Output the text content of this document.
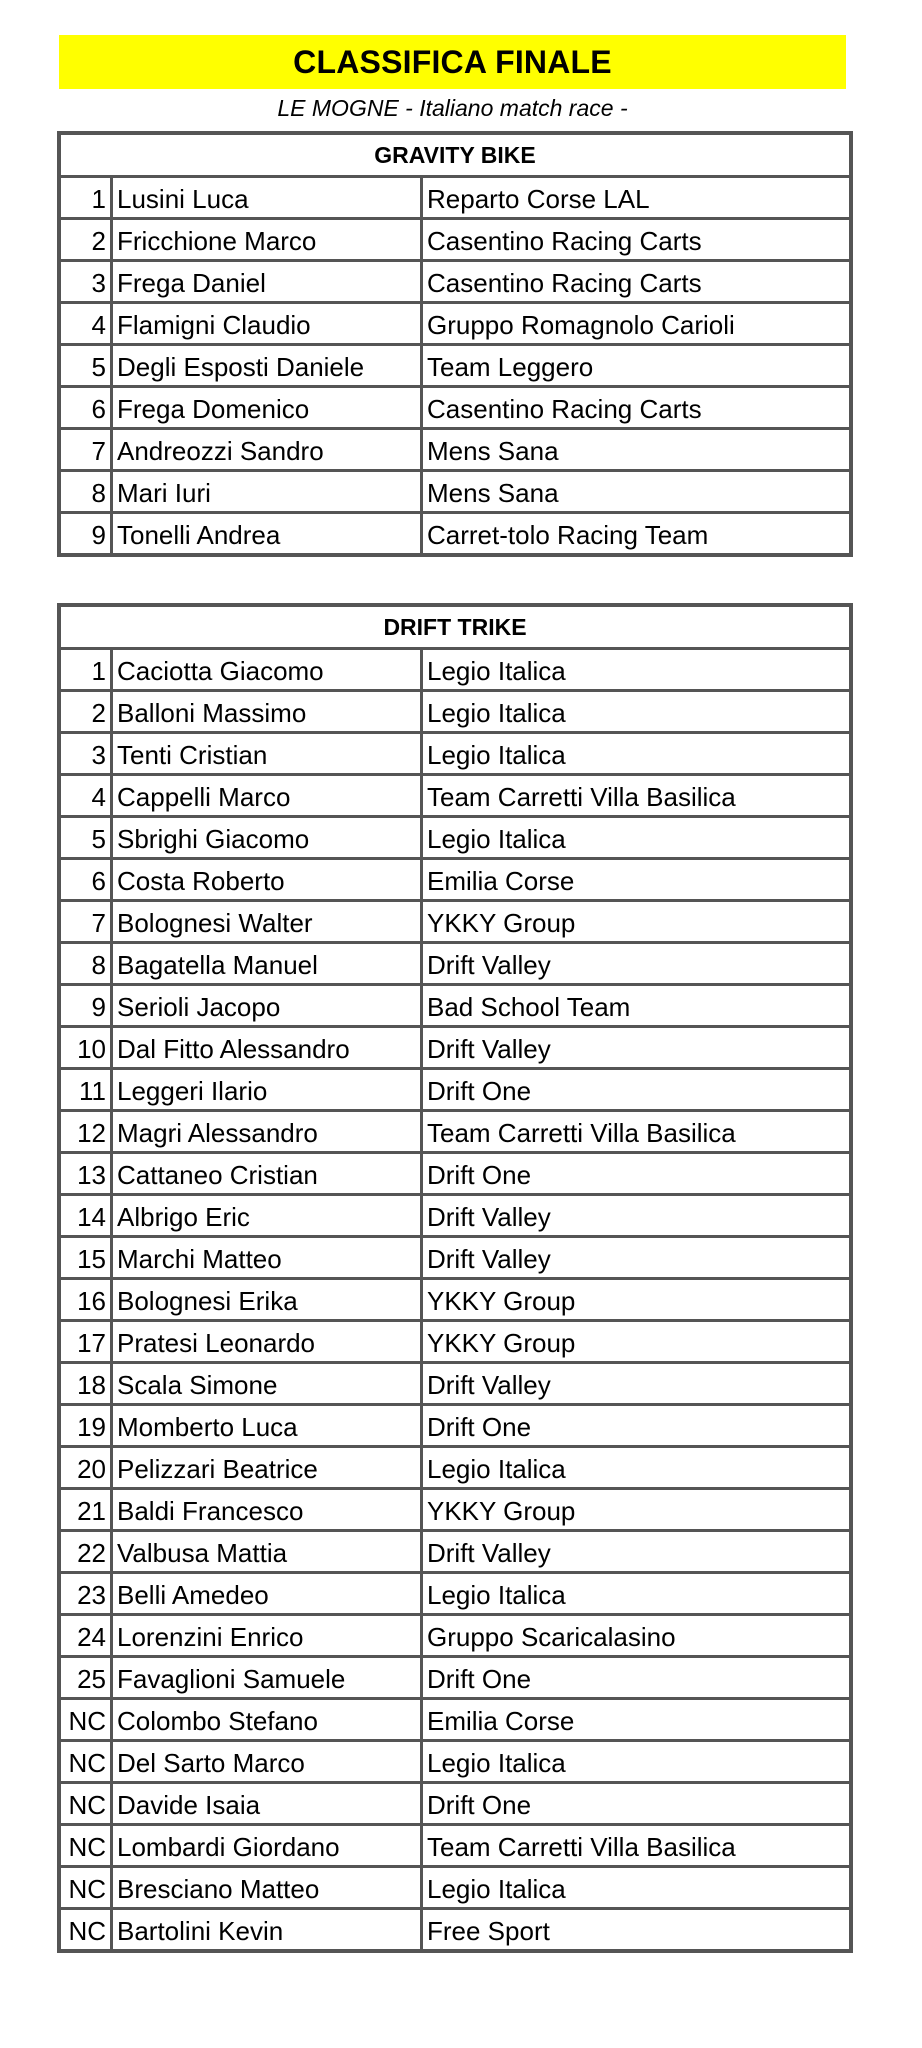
CLASSIFICA FINALE
LE MOGNE - Italiano match race -
GRAVITY BIKE
1 Lusini Luca	Reparto Corse LAL
2 Fricchione Marco	Casentino Racing Carts
3 Frega Daniel	Casentino Racing Carts
4 Flamigni Claudio	Gruppo Romagnolo Carioli
5 Degli Esposti Daniele	Team Leggero
6 Frega Domenico	Casentino Racing Carts
7 Andreozzi Sandro	Mens Sana
8 Mari Iuri	Mens Sana
9 Tonelli Andrea	Carret-tolo Racing Team
DRIFT TRIKE
1 Caciotta Giacomo	Legio Italica
2 Balloni Massimo	Legio Italica
3 Tenti Cristian	Legio Italica
4 Cappelli Marco	Team Carretti Villa Basilica
5 Sbrighi Giacomo	Legio Italica
6 Costa Roberto	Emilia Corse
7 Bolognesi Walter	YKKY Group
8 Bagatella Manuel	Drift Valley
9 Serioli Jacopo	Bad School Team
10 Dal Fitto Alessandro	Drift Valley
11 Leggeri Ilario	Drift One
12 Magri Alessandro	Team Carretti Villa Basilica
13 Cattaneo Cristian	Drift One
14 Albrigo Eric	Drift Valley
15 Marchi Matteo	Drift Valley
16 Bolognesi Erika	YKKY Group
17 Pratesi Leonardo	YKKY Group
18 Scala Simone	Drift Valley
19 Momberto Luca	Drift One
20 Pelizzari Beatrice	Legio Italica
21 Baldi Francesco	YKKY Group
22 Valbusa Mattia	Drift Valley
23 Belli Amedeo	Legio Italica
24 Lorenzini Enrico	Gruppo Scaricalasino
25 Favaglioni Samuele	Drift One
NC Colombo Stefano	Emilia Corse
NC Del Sarto Marco	Legio Italica
NC Davide Isaia	Drift One
NC Lombardi Giordano	Team Carretti Villa Basilica
NC Bresciano Matteo	Legio Italica
NC Bartolini Kevin	Free Sport
